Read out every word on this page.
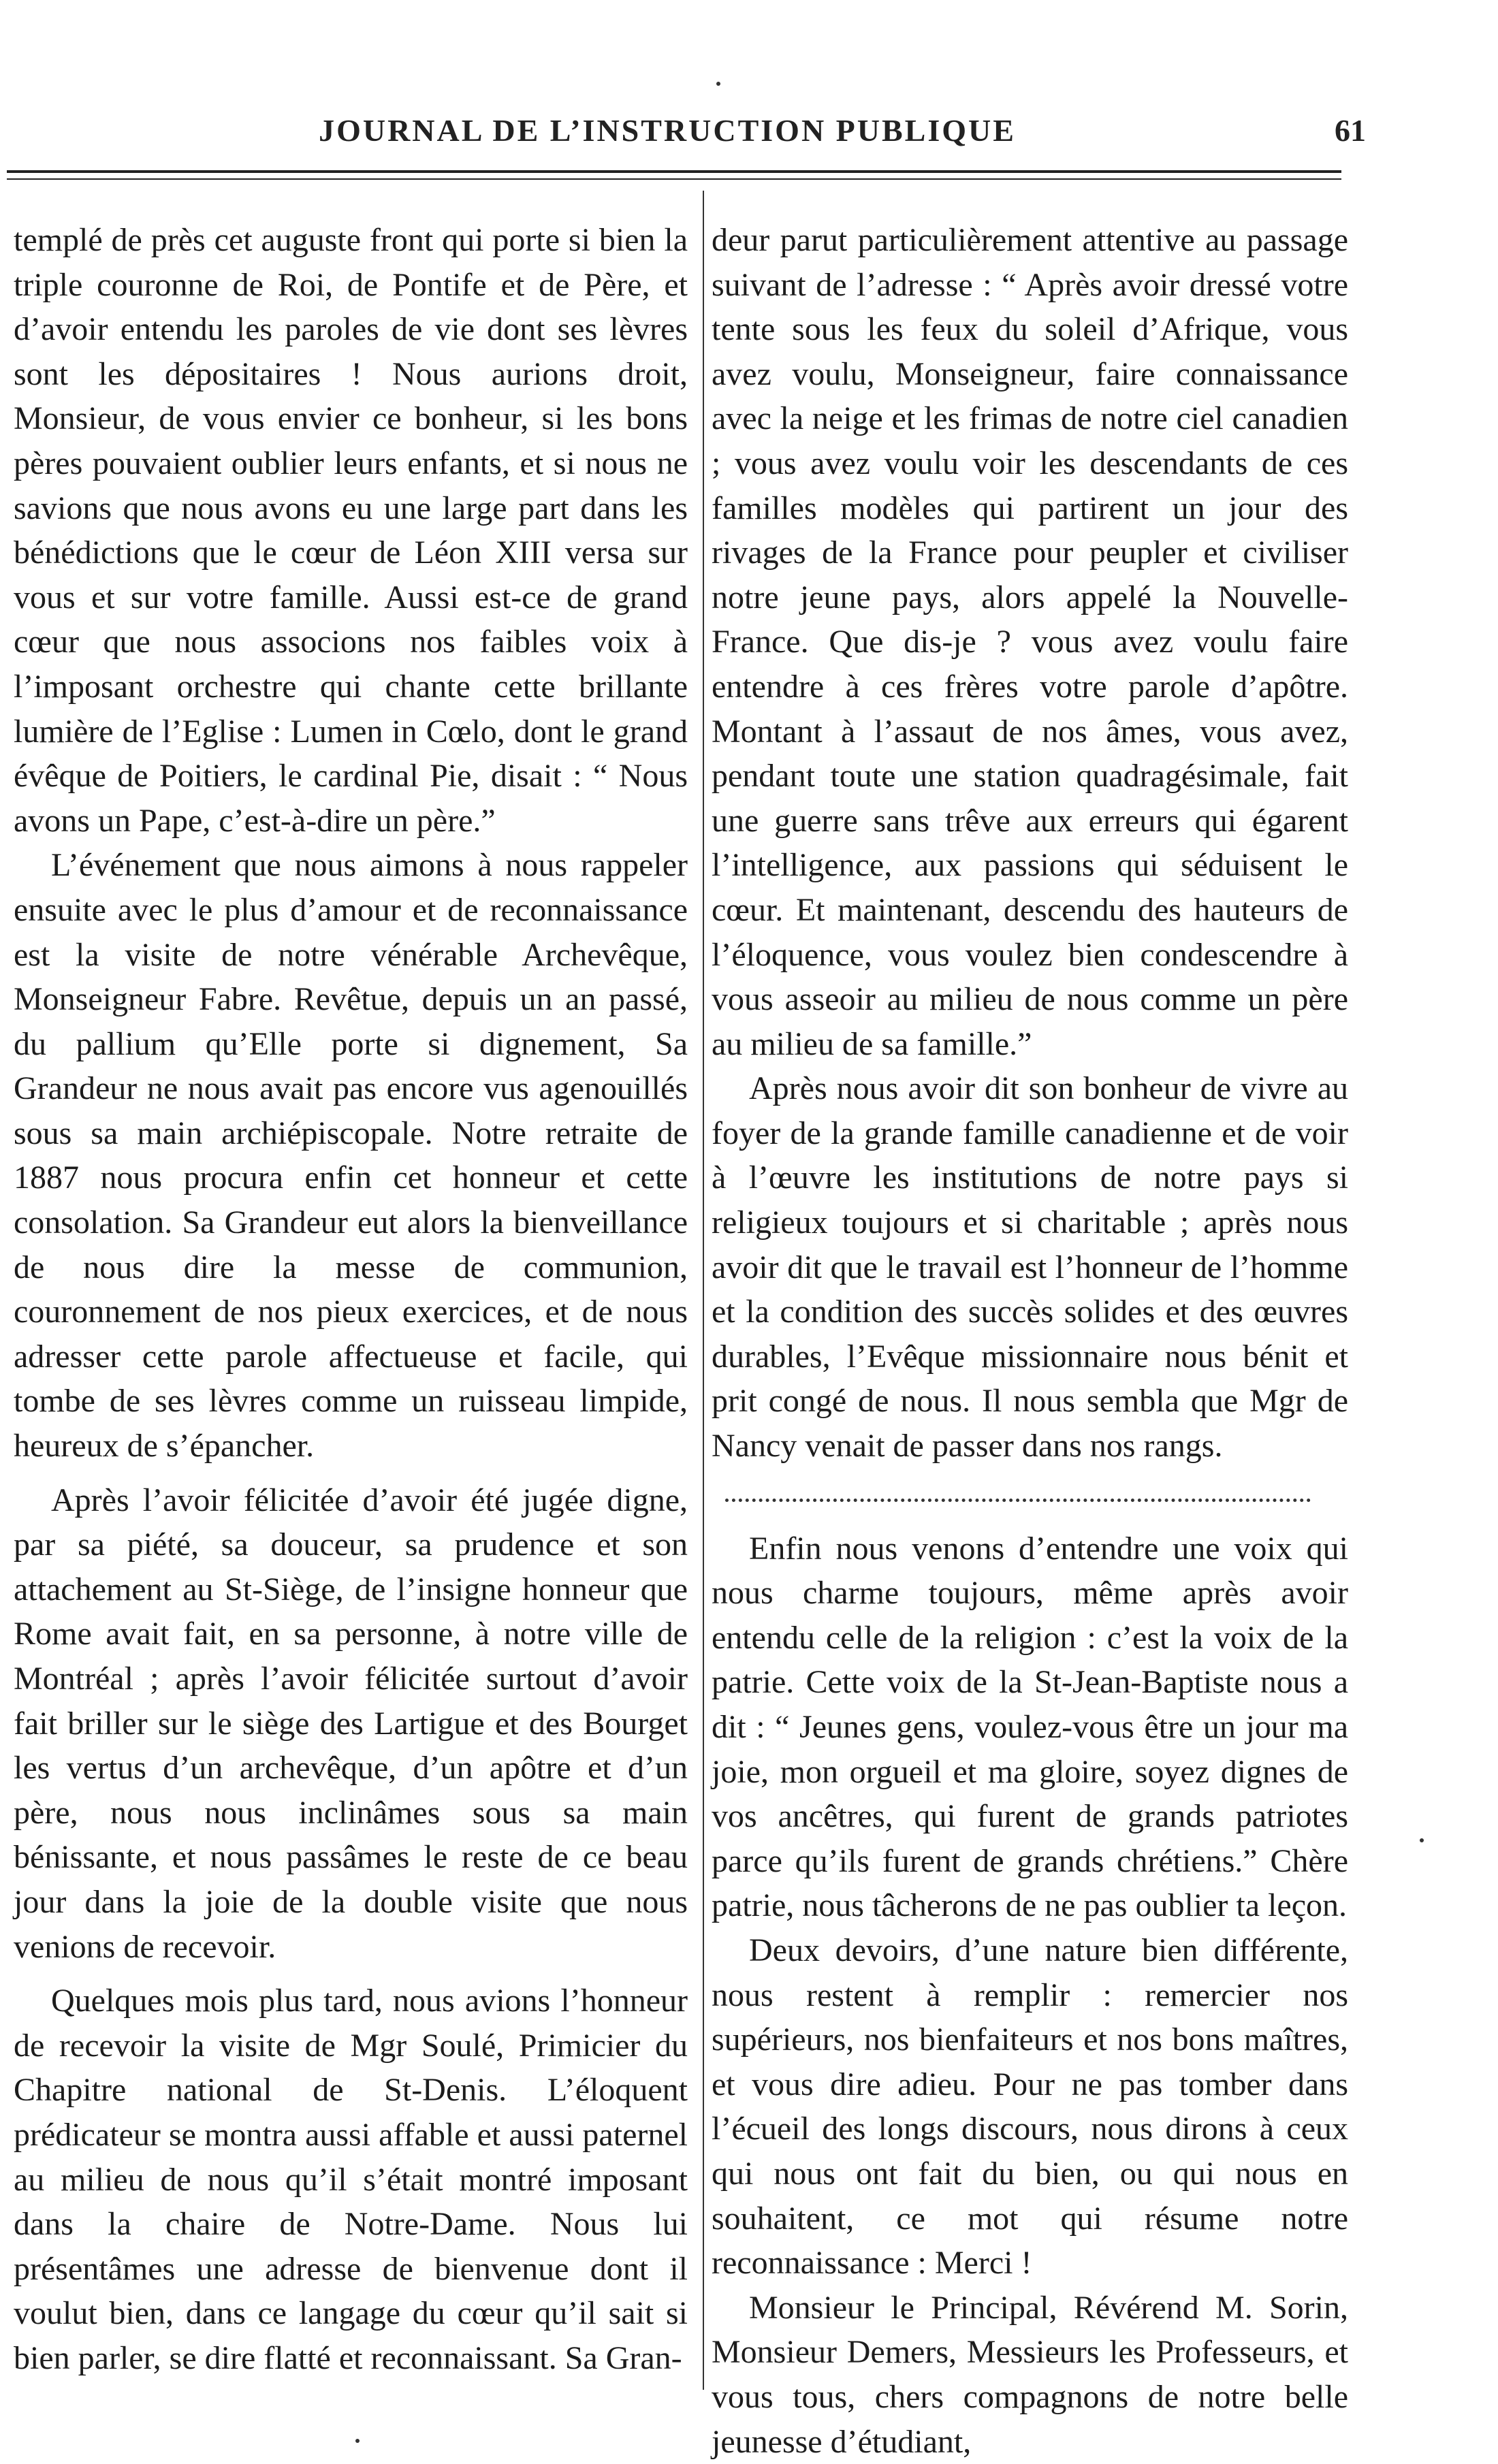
JOURNAL DE L’INSTRUCTION PUBLIQUE	61

templé de près cet auguste front qui porte si bien la triple couronne de Roi, de Pontife et de Père, et d’avoir entendu les paroles de vie dont ses lèvres sont les dépositaires ! Nous aurions droit, Monsieur, de vous envier ce bonheur, si les bons pères pouvaient oublier leurs enfants, et si nous ne savions que nous avons eu une large part dans les bénédictions que le cœur de Léon XIII versa sur vous et sur votre famille. Aussi est-ce de grand cœur que nous associons nos faibles voix à l’imposant orchestre qui chante cette brillante lumière de l’Eglise : Lumen in Cœlo, dont le grand évêque de Poitiers, le cardinal Pie, disait : “ Nous avons un Pape, c’est-à-dire un père.”

L’événement que nous aimons à nous rappeler ensuite avec le plus d’amour et de reconnaissance est la visite de notre vénérable Archevêque, Monseigneur Fabre. Revêtue, depuis un an passé, du pallium qu’Elle porte si dignement, Sa Grandeur ne nous avait pas encore vus agenouillés sous sa main archiépiscopale. Notre retraite de 1887 nous procura enfin cet honneur et cette consolation. Sa Grandeur eut alors la bienveillance de nous dire la messe de communion, couronnement de nos pieux exercices, et de nous adresser cette parole affectueuse et facile, qui tombe de ses lèvres comme un ruisseau limpide, heureux de s’épancher.

Après l’avoir félicitée d’avoir été jugée digne, par sa piété, sa douceur, sa prudence et son attachement au St-Siège, de l’insigne honneur que Rome avait fait, en sa personne, à notre ville de Montréal ; après l’avoir félicitée surtout d’avoir fait briller sur le siège des Lartigue et des Bourget les vertus d’un archevêque, d’un apôtre et d’un père, nous nous inclinâmes sous sa main bénissante, et nous passâmes le reste de ce beau jour dans la joie de la double visite que nous venions de recevoir.

Quelques mois plus tard, nous avions l’honneur de recevoir la visite de Mgr Soulé, Primicier du Chapitre national de St-Denis. L’éloquent prédicateur se montra aussi affable et aussi paternel au milieu de nous qu’il s’était montré imposant dans la chaire de Notre-Dame. Nous lui présentâmes une adresse de bienvenue dont il voulut bien, dans ce langage du cœur qu’il sait si bien parler, se dire flatté et reconnaissant. Sa Gran-

deur parut particulièrement attentive au passage suivant de l’adresse : “ Après avoir dressé votre tente sous les feux du soleil d’Afrique, vous avez voulu, Monseigneur, faire connaissance avec la neige et les frimas de notre ciel canadien ; vous avez voulu voir les descendants de ces familles modèles qui partirent un jour des rivages de la France pour peupler et civiliser notre jeune pays, alors appelé la Nouvelle-France. Que dis-je ? vous avez voulu faire entendre à ces frères votre parole d’apôtre. Montant à l’assaut de nos âmes, vous avez, pendant toute une station quadragésimale, fait une guerre sans trêve aux erreurs qui égarent l’intelligence, aux passions qui séduisent le cœur. Et maintenant, descendu des hauteurs de l’éloquence, vous voulez bien condescendre à vous asseoir au milieu de nous comme un père au milieu de sa famille.”

Après nous avoir dit son bonheur de vivre au foyer de la grande famille canadienne et de voir à l’œuvre les institutions de notre pays si religieux toujours et si charitable ; après nous avoir dit que le travail est l’honneur de l’homme et la condition des succès solides et des œuvres durables, l’Evêque missionnaire nous bénit et prit congé de nous. Il nous sembla que Mgr de Nancy venait de passer dans nos rangs.

Enfin nous venons d’entendre une voix qui nous charme toujours, même après avoir entendu celle de la religion : c’est la voix de la patrie. Cette voix de la St-Jean-Baptiste nous a dit : “ Jeunes gens, voulez-vous être un jour ma joie, mon orgueil et ma gloire, soyez dignes de vos ancêtres, qui furent de grands patriotes parce qu’ils furent de grands chrétiens.” Chère patrie, nous tâcherons de ne pas oublier ta leçon.

Deux devoirs, d’une nature bien différente, nous restent à remplir : remercier nos supérieurs, nos bienfaiteurs et nos bons maîtres, et vous dire adieu. Pour ne pas tomber dans l’écueil des longs discours, nous dirons à ceux qui nous ont fait du bien, ou qui nous en souhaitent, ce mot qui résume notre reconnaissance : Merci !

Monsieur le Principal, Révérend M. Sorin, Monsieur Demers, Messieurs les Professeurs, et vous tous, chers compagnons de notre belle jeunesse d’étudiant,
